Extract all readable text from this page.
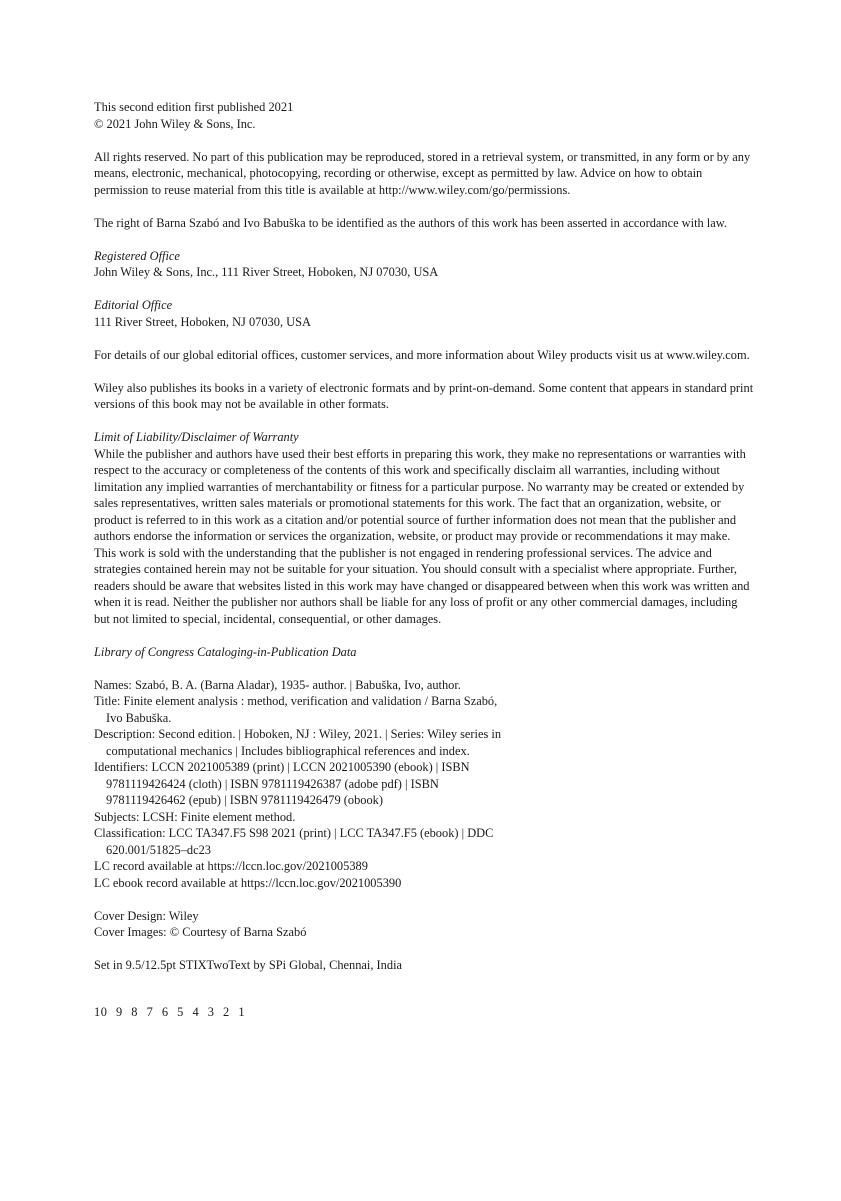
This second edition first published 2021

© 2021 John Wiley & Sons, Inc.

All rights reserved. No part of this publication may be reproduced, stored in a retrieval system, or transmitted, in any form or by any means, electronic, mechanical, photocopying, recording or otherwise, except as permitted by law. Advice on how to obtain permission to reuse material from this title is available at http://www.wiley.com/go/permissions.

The right of Barna Szabó and Ivo Babuška to be identified as the authors of this work has been asserted in accordance with law.

Registered Office

John Wiley & Sons, Inc., 111 River Street, Hoboken, NJ 07030, USA

Editorial Office

111 River Street, Hoboken, NJ 07030, USA

For details of our global editorial offices, customer services, and more information about Wiley products visit us at www.wiley.com.

Wiley also publishes its books in a variety of electronic formats and by print-on-demand. Some content that appears in standard print versions of this book may not be available in other formats.

Limit of Liability/Disclaimer of Warranty

While the publisher and authors have used their best efforts in preparing this work, they make no representations or warranties with respect to the accuracy or completeness of the contents of this work and specifically disclaim all warranties, including without limitation any implied warranties of merchantability or fitness for a particular purpose. No warranty may be created or extended by sales representatives, written sales materials or promotional statements for this work. The fact that an organization, website, or product is referred to in this work as a citation and/or potential source of further information does not mean that the publisher and authors endorse the information or services the organization, website, or product may provide or recommendations it may make. This work is sold with the understanding that the publisher is not engaged in rendering professional services. The advice and strategies contained herein may not be suitable for your situation. You should consult with a specialist where appropriate. Further, readers should be aware that websites listed in this work may have changed or disappeared between when this work was written and when it is read. Neither the publisher nor authors shall be liable for any loss of profit or any other commercial damages, including but not limited to special, incidental, consequential, or other damages.

Library of Congress Cataloging-in-Publication Data

Names: Szabó, B. A. (Barna Aladar), 1935- author. | Babuška, Ivo, author.

Title: Finite element analysis : method, verification and validation / Barna Szabó, Ivo Babuška.

Description: Second edition. | Hoboken, NJ : Wiley, 2021. | Series: Wiley series in computational mechanics | Includes bibliographical references and index.

Identifiers: LCCN 2021005389 (print) | LCCN 2021005390 (ebook) | ISBN 9781119426424 (cloth) | ISBN 9781119426387 (adobe pdf) | ISBN 9781119426462 (epub) | ISBN 9781119426479 (obook)

Subjects: LCSH: Finite element method.

Classification: LCC TA347.F5 S98 2021 (print) | LCC TA347.F5 (ebook) | DDC 620.001/51825–dc23

LC record available at https://lccn.loc.gov/2021005389

LC ebook record available at https://lccn.loc.gov/2021005390

Cover Design: Wiley

Cover Images: © Courtesy of Barna Szabó

Set in 9.5/12.5pt STIXTwoText by SPi Global, Chennai, India

10 9 8 7 6 5 4 3 2 1
